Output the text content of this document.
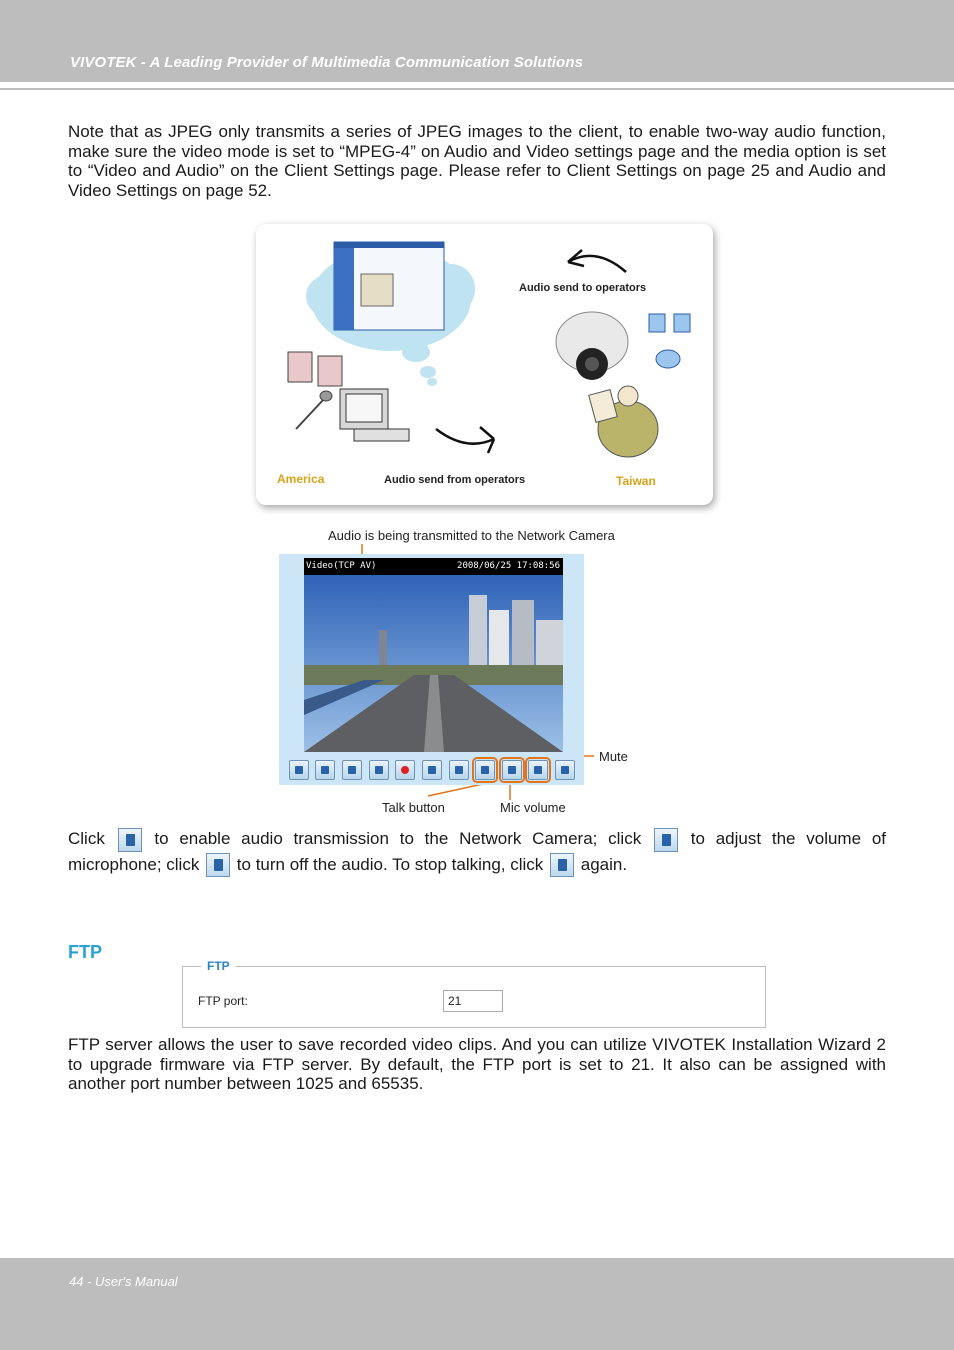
VIVOTEK - A Leading Provider of Multimedia Communication Solutions

Note that as JPEG only transmits a series of JPEG images to the client, to enable two-way audio function, make sure the video mode is set to “MPEG-4” on Audio and Video settings page and the media option is set to “Video and Audio” on the Client Settings page. Please refer to Client Settings on page 25 and Audio and Video Settings on page 52.

Audio send to operators
Audio send from operators
America	Taiwan
Audio is being transmitted to the Network Camera
Video(TCP AV)	2008/06/25 17:08:56
Mute
Talk button	Mic volume

Click	to enable audio transmission to the Network Camera; click	to adjust the volume of microphone; click to turn off the audio. To stop talking, click again.

FTP
FTP
FTP port:
21

FTP server allows the user to save recorded video clips. And you can utilize VIVOTEK Installation Wizard 2 to upgrade firmware via FTP server. By default, the FTP port is set to 21. It also can be assigned with another port number between 1025 and 65535.

44 - User's Manual
